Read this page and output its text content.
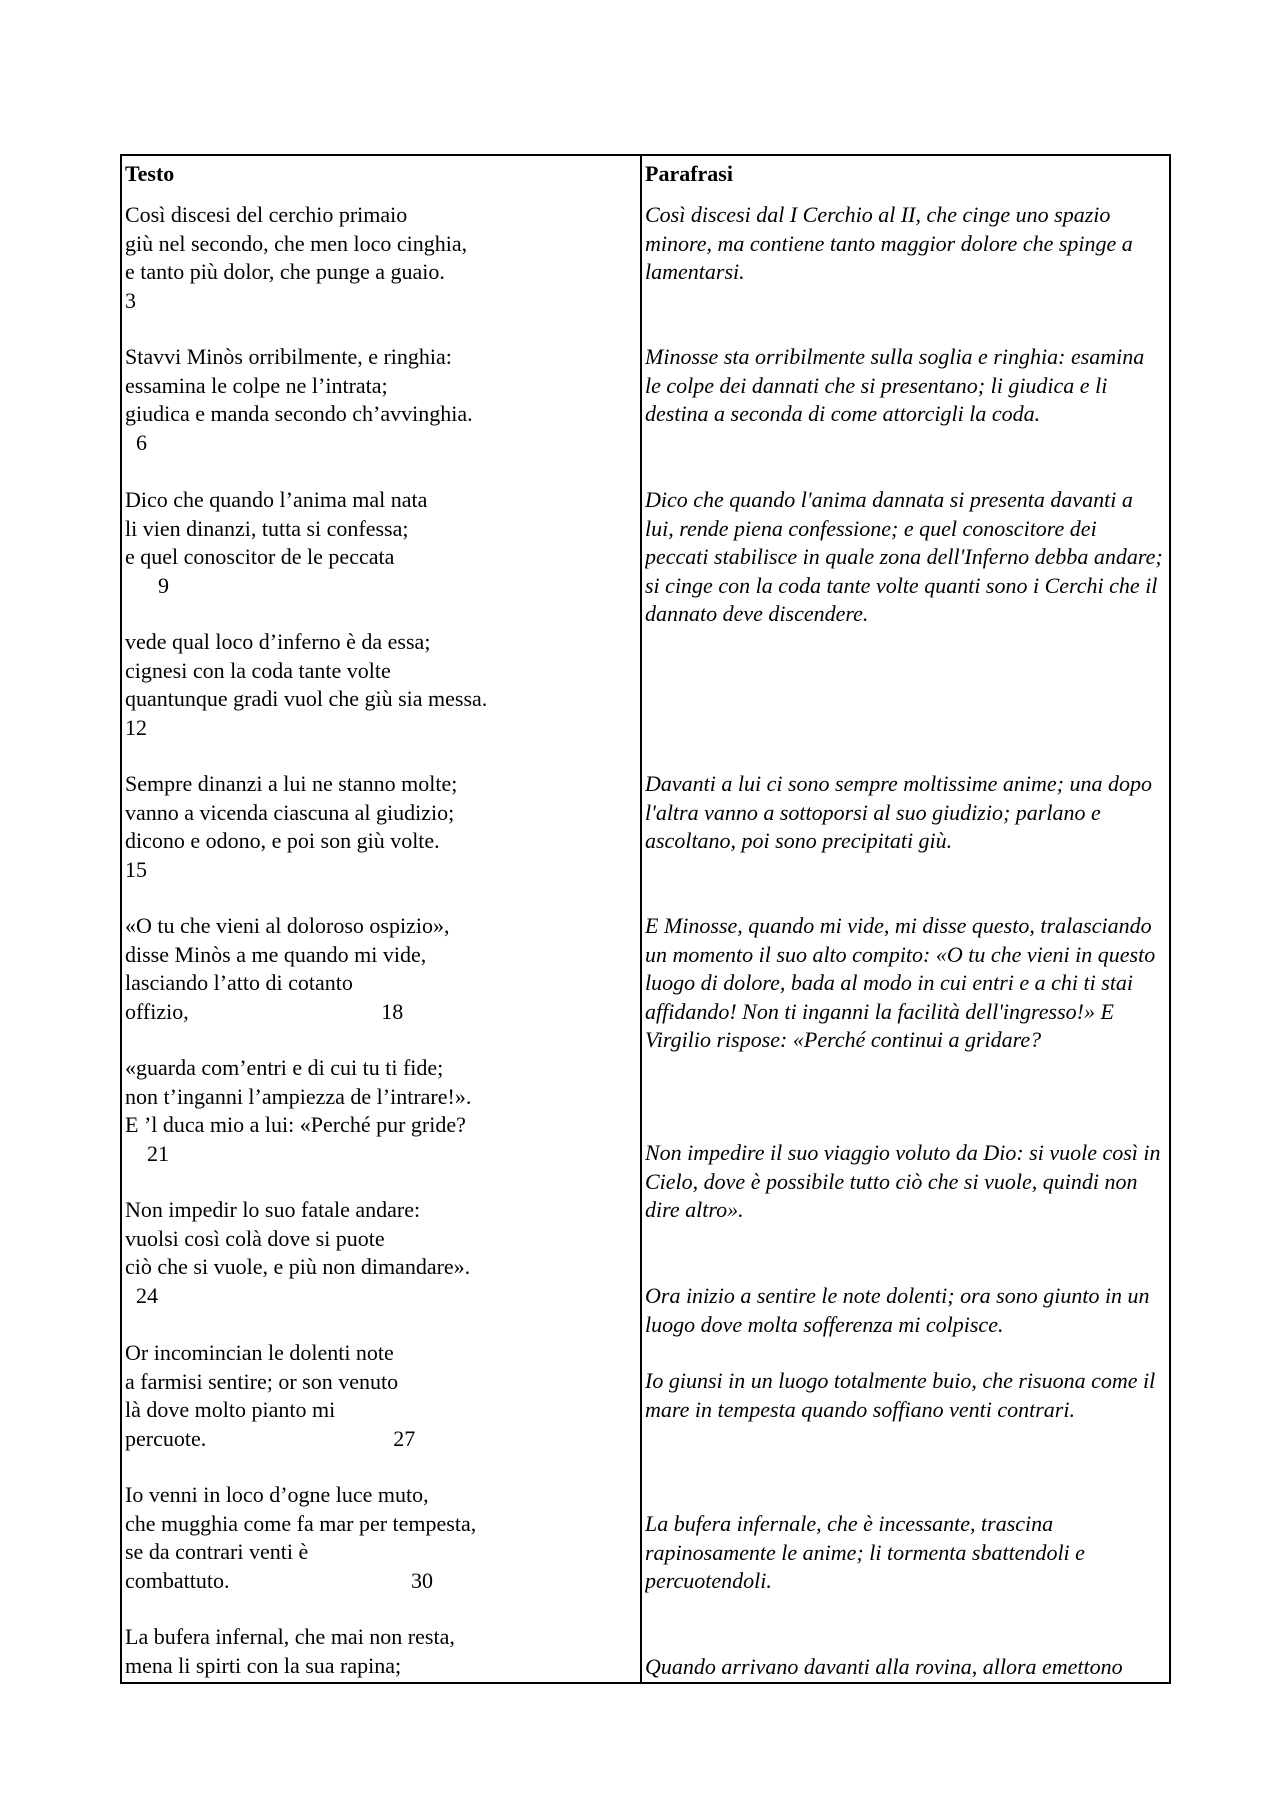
Testo
Così discesi del cerchio primaio
giù nel secondo, che men loco cinghia,
e tanto più dolor, che punge a guaio.
3
Stavvi Minòs orribilmente, e ringhia:
essamina le colpe ne l’intrata;
giudica e manda secondo ch’avvinghia.
6
Dico che quando l’anima mal nata
li vien dinanzi, tutta si confessa;
e quel conoscitor de le peccata
9
vede qual loco d’inferno è da essa;
cignesi con la coda tante volte
quantunque gradi vuol che giù sia messa.
12
Sempre dinanzi a lui ne stanno molte;
vanno a vicenda ciascuna al giudizio;
dicono e odono, e poi son giù volte.
15
«O tu che vieni al doloroso ospizio»,
disse Minòs a me quando mi vide,
lasciando l’atto di cotanto
offizio,                                   18
«guarda com’entri e di cui tu ti fide;
non t’inganni l’ampiezza de l’intrare!».
E ’l duca mio a lui: «Perché pur gride?
21
Non impedir lo suo fatale andare:
vuolsi così colà dove si puote
ciò che si vuole, e più non dimandare».
24
Or incomincian le dolenti note
a farmisi sentire; or son venuto
là dove molto pianto mi
percuote.                                  27
Io venni in loco d’ogne luce muto,
che mugghia come fa mar per tempesta,
se da contrari venti è
combattuto.                                 30
La bufera infernal, che mai non resta,
mena li spirti con la sua rapina;
Parafrasi
Così discesi dal I Cerchio al II, che cinge uno spazio minore, ma contiene tanto maggior dolore che spinge a lamentarsi.
Minosse sta orribilmente sulla soglia e ringhia: esamina le colpe dei dannati che si presentano; li giudica e li destina a seconda di come attorcigli la coda.
Dico che quando l'anima dannata si presenta davanti a lui, rende piena confessione; e quel conoscitore dei peccati stabilisce in quale zona dell'Inferno debba andare; si cinge con la coda tante volte quanti sono i Cerchi che il dannato deve discendere.
Davanti a lui ci sono sempre moltissime anime; una dopo l'altra vanno a sottoporsi al suo giudizio; parlano e ascoltano, poi sono precipitati giù.
E Minosse, quando mi vide, mi disse questo, tralasciando un momento il suo alto compito: «O tu che vieni in questo luogo di dolore, bada al modo in cui entri e a chi ti stai affidando! Non ti inganni la facilità dell'ingresso!» E Virgilio rispose: «Perché continui a gridare?
Non impedire il suo viaggio voluto da Dio: si vuole così in Cielo, dove è possibile tutto ciò che si vuole, quindi non dire altro».
Ora inizio a sentire le note dolenti; ora sono giunto in un luogo dove molta sofferenza mi colpisce.
Io giunsi in un luogo totalmente buio, che risuona come il mare in tempesta quando soffiano venti contrari.
La bufera infernale, che è incessante, trascina rapinosamente le anime; li tormenta sbattendoli e percuotendoli.
Quando arrivano davanti alla rovina, allora emettono
